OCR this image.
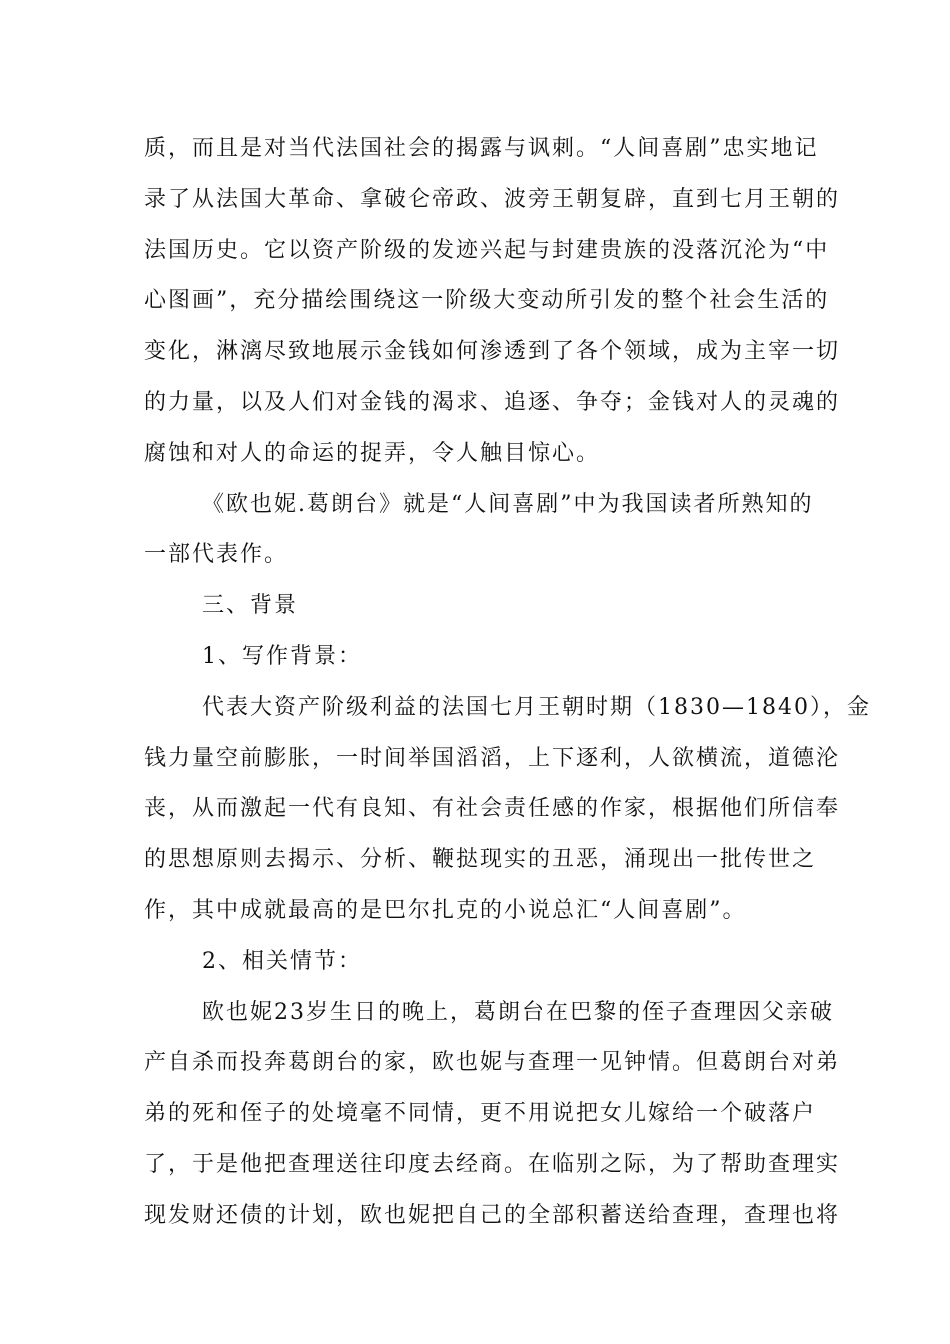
质，而且是对当代法国社会的揭露与讽刺。“人间喜剧”忠实地记
录了从法国大革命、拿破仑帝政、波旁王朝复辟，直到七月王朝的
法国历史。它以资产阶级的发迹兴起与封建贵族的没落沉沦为“中
心图画”，充分描绘围绕这一阶级大变动所引发的整个社会生活的
变化，淋漓尽致地展示金钱如何渗透到了各个领域，成为主宰一切
的力量，以及人们对金钱的渴求、追逐、争夺；金钱对人的灵魂的
腐蚀和对人的命运的捉弄，令人触目惊心。
《欧也妮.葛朗台》就是“人间喜剧”中为我国读者所熟知的
一部代表作。
三、背景
1、写作背景：
代表大资产阶级利益的法国七月王朝时期（1830—1840），金
钱力量空前膨胀，一时间举国滔滔，上下逐利，人欲横流，道德沦
丧，从而激起一代有良知、有社会责任感的作家，根据他们所信奉
的思想原则去揭示、分析、鞭挞现实的丑恶，涌现出一批传世之
作，其中成就最高的是巴尔扎克的小说总汇“人间喜剧”。
2、相关情节：
欧也妮23岁生日的晚上，葛朗台在巴黎的侄子查理因父亲破
产自杀而投奔葛朗台的家，欧也妮与查理一见钟情。但葛朗台对弟
弟的死和侄子的处境毫不同情，更不用说把女儿嫁给一个破落户
了，于是他把查理送往印度去经商。在临别之际，为了帮助查理实
现发财还债的计划，欧也妮把自己的全部积蓄送给查理，查理也将
